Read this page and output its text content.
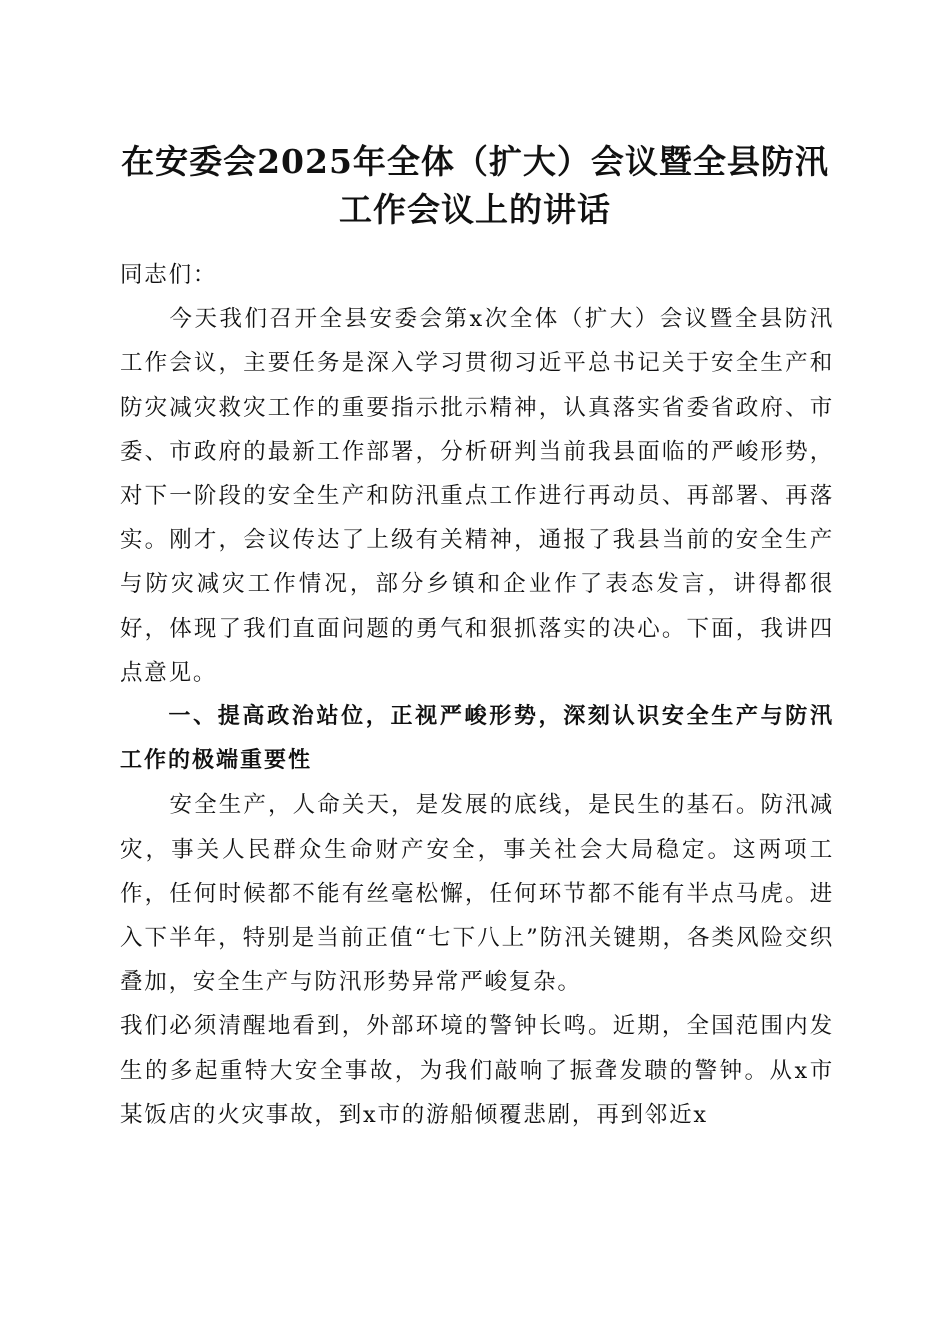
在安委会2025年全体（扩大）会议暨全县防汛工作会议上的讲话

同志们：

今天我们召开全县安委会第x次全体（扩大）会议暨全县防汛工作会议，主要任务是深入学习贯彻习近平总书记关于安全生产和防灾减灾救灾工作的重要指示批示精神，认真落实省委省政府、市委、市政府的最新工作部署，分析研判当前我县面临的严峻形势，对下一阶段的安全生产和防汛重点工作进行再动员、再部署、再落实。刚才，会议传达了上级有关精神，通报了我县当前的安全生产与防灾减灾工作情况，部分乡镇和企业作了表态发言，讲得都很好，体现了我们直面问题的勇气和狠抓落实的决心。下面，我讲四点意见。

一、提高政治站位，正视严峻形势，深刻认识安全生产与防汛工作的极端重要性

安全生产，人命关天，是发展的底线，是民生的基石。防汛减灾，事关人民群众生命财产安全，事关社会大局稳定。这两项工作，任何时候都不能有丝毫松懈，任何环节都不能有半点马虎。进入下半年，特别是当前正值“七下八上”防汛关键期，各类风险交织叠加，安全生产与防汛形势异常严峻复杂。

我们必须清醒地看到，外部环境的警钟长鸣。近期，全国范围内发生的多起重特大安全事故，为我们敲响了振聋发聩的警钟。从x市某饭店的火灾事故，到x市的游船倾覆悲剧，再到邻近x
